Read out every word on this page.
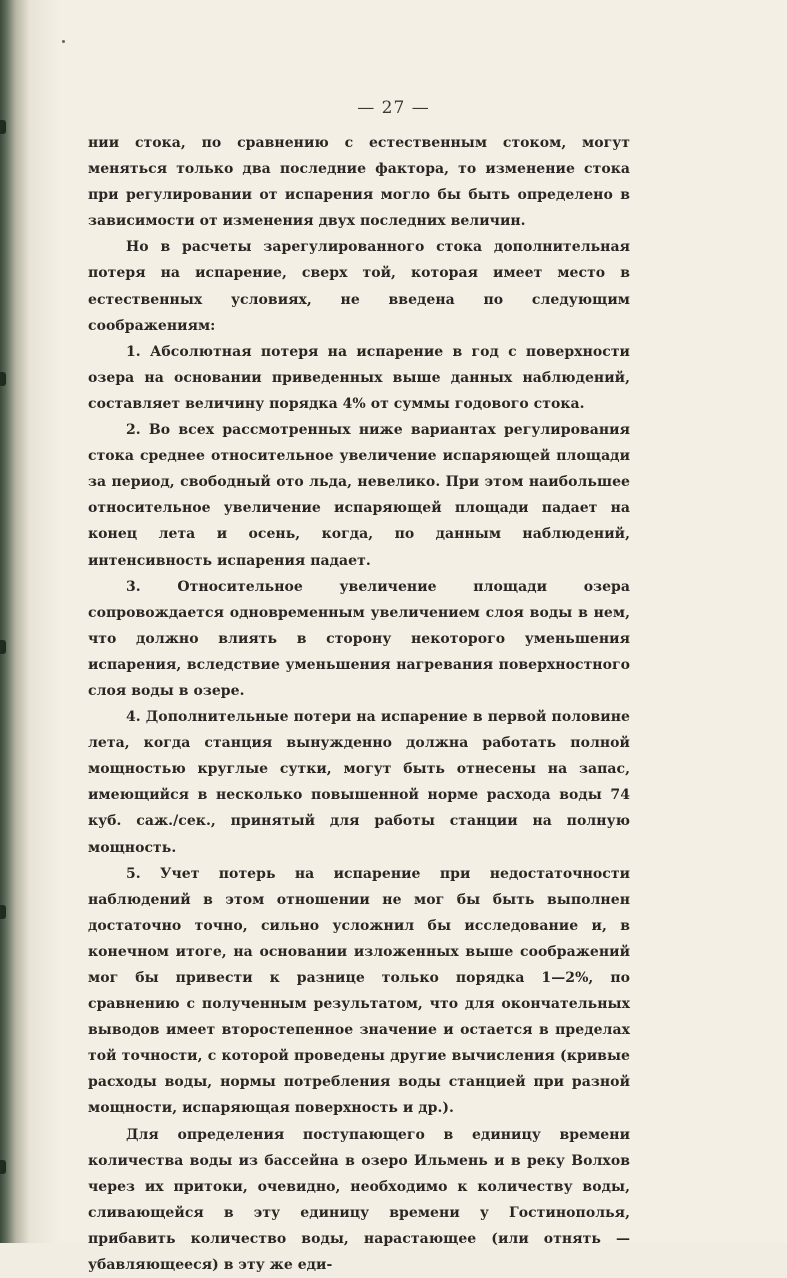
— 27 —

нии стока, по сравнению с естественным стоком, могут меняться только два последние фактора, то изменение стока при регулировании от испарения могло бы быть определено в зависимости от изменения двух последних величин.

Но в расчеты зарегулированного стока дополнительная потеря на испарение, сверх той, которая имеет место в естественных условиях, не введена по следующим соображениям:

1. Абсолютная потеря на испарение в год с поверхности озера на основании приведенных выше данных наблюдений, составляет величину порядка 4% от суммы годового стока.

2. Во всех рассмотренных ниже вариантах регулирования стока среднее относительное увеличение испаряющей площади за период, свободный ото льда, невелико. При этом наибольшее относительное увеличение испаряющей площади падает на конец лета и осень, когда, по данным наблюдений, интенсивность испарения падает.

3. Относительное увеличение площади озера сопровождается одновременным увеличением слоя воды в нем, что должно влиять в сторону некоторого уменьшения испарения, вследствие уменьшения нагревания поверхностного слоя воды в озере.

4. Дополнительные потери на испарение в первой половине лета, когда станция вынужденно должна работать полной мощностью круглые сутки, могут быть отнесены на запас, имеющийся в несколько повышенной норме расхода воды 74 куб. саж./сек., принятый для работы станции на полную мощность.

5. Учет потерь на испарение при недостаточности наблюдений в этом отношении не мог бы быть выполнен достаточно точно, сильно усложнил бы исследование и, в конечном итоге, на основании изложенных выше соображений мог бы привести к разнице только порядка 1—2%, по сравнению с полученным результатом, что для окончательных выводов имеет второстепенное значение и остается в пределах той точности, с которой проведены другие вычисления (кривые расходы воды, нормы потребления воды станцией при разной мощности, испаряющая поверхность и др.).

Для определения поступающего в единицу времени количества воды из бассейна в озеро Ильмень и в реку Волхов через их притоки, очевидно, необходимо к количеству воды, сливающейся в эту единицу времени у Гостинополья, прибавить количество воды, нарастающее (или отнять — убавляющееся) в эту же еди-
